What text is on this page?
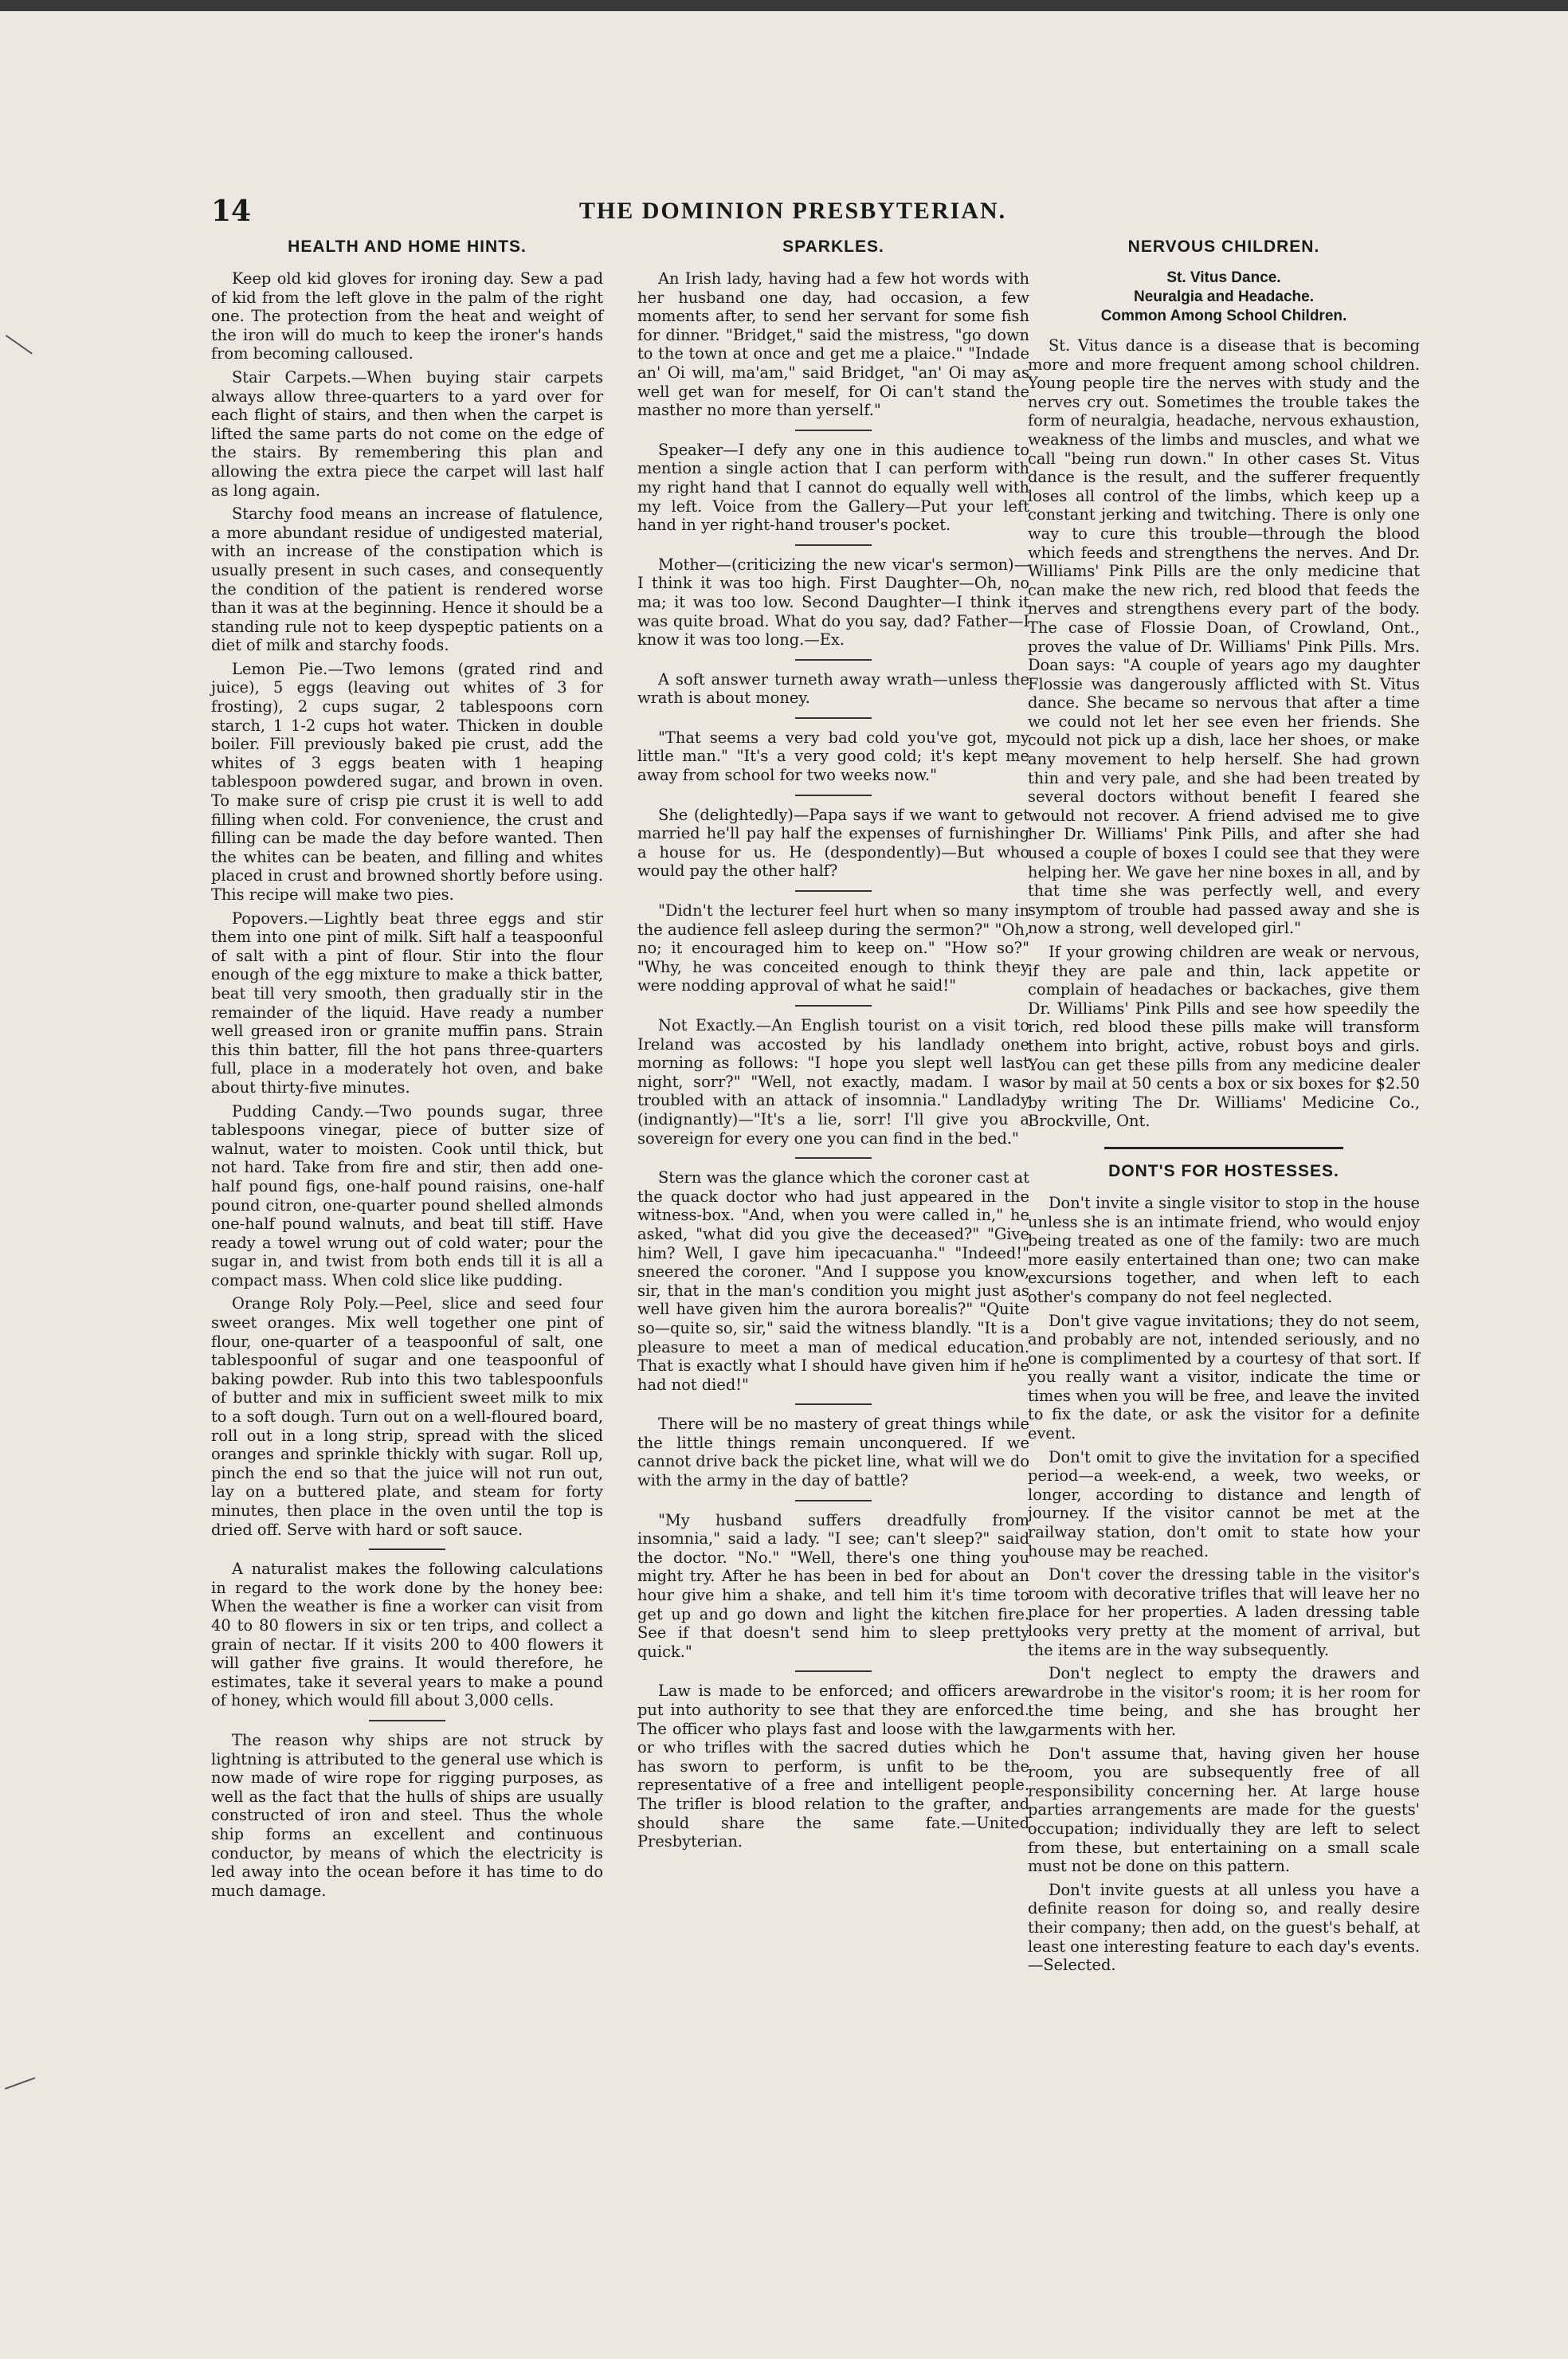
14	THE DOMINION PRESBYTERIAN.
HEALTH AND HOME HINTS.

Keep old kid gloves for ironing day. Sew a pad of kid from the left glove in the palm of the right one. The protection from the heat and weight of the iron will do much to keep the ironer's hands from becoming calloused.

Stair Carpets.—When buying stair carpets always allow three-quarters to a yard over for each flight of stairs, and then when the carpet is lifted the same parts do not come on the edge of the stairs. By remembering this plan and allowing the extra piece the carpet will last half as long again.

Starchy food means an increase of flatulence, a more abundant residue of undigested material, with an increase of the constipation which is usually present in such cases, and consequently the condition of the patient is rendered worse than it was at the beginning. Hence it should be a standing rule not to keep dyspeptic patients on a diet of milk and starchy foods.

Lemon Pie.—Two lemons (grated rind and juice), 5 eggs (leaving out whites of 3 for frosting), 2 cups sugar, 2 tablespoons corn starch, 1 1-2 cups hot water. Thicken in double boiler. Fill previously baked pie crust, add the whites of 3 eggs beaten with 1 heaping tablespoon powdered sugar, and brown in oven. To make sure of crisp pie crust it is well to add filling when cold. For convenience, the crust and filling can be made the day before wanted. Then the whites can be beaten, and filling and whites placed in crust and browned shortly before using. This recipe will make two pies.

Popovers.—Lightly beat three eggs and stir them into one pint of milk. Sift half a teaspoonful of salt with a pint of flour. Stir into the flour enough of the egg mixture to make a thick batter, beat till very smooth, then gradually stir in the remainder of the liquid. Have ready a number well greased iron or granite muffin pans. Strain this thin batter, fill the hot pans three-quarters full, place in a moderately hot oven, and bake about thirty-five minutes.

Pudding Candy.—Two pounds sugar, three tablespoons vinegar, piece of butter size of walnut, water to moisten. Cook until thick, but not hard. Take from fire and stir, then add one-half pound figs, one-half pound raisins, one-half pound citron, one-quarter pound shelled almonds one-half pound walnuts, and beat till stiff. Have ready a towel wrung out of cold water; pour the sugar in, and twist from both ends till it is all a compact mass. When cold slice like pudding.

Orange Roly Poly.—Peel, slice and seed four sweet oranges. Mix well together one pint of flour, one-quarter of a teaspoonful of salt, one tablespoonful of sugar and one teaspoonful of baking powder. Rub into this two tablespoonfuls of butter and mix in sufficient sweet milk to mix to a soft dough. Turn out on a well-floured board, roll out in a long strip, spread with the sliced oranges and sprinkle thickly with sugar. Roll up, pinch the end so that the juice will not run out, lay on a buttered plate, and steam for forty minutes, then place in the oven until the top is dried off. Serve with hard or soft sauce.

A naturalist makes the following calculations in regard to the work done by the honey bee: When the weather is fine a worker can visit from 40 to 80 flowers in six or ten trips, and collect a grain of nectar. If it visits 200 to 400 flowers it will gather five grains. It would therefore, he estimates, take it several years to make a pound of honey, which would fill about 3,000 cells.

The reason why ships are not struck by lightning is attributed to the general use which is now made of wire rope for rigging purposes, as well as the fact that the hulls of ships are usually constructed of iron and steel. Thus the whole ship forms an excellent and continuous conductor, by means of which the electricity is led away into the ocean before it has time to do much damage.

SPARKLES.

An Irish lady, having had a few hot words with her husband one day, had occasion, a few moments after, to send her servant for some fish for dinner. "Bridget," said the mistress, "go down to the town at once and get me a plaice." "Indade an' Oi will, ma'am," said Bridget, "an' Oi may as well get wan for meself, for Oi can't stand the masther no more than yerself."

Speaker—I defy any one in this audience to mention a single action that I can perform with my right hand that I cannot do equally well with my left. Voice from the Gallery—Put your left hand in yer right-hand trouser's pocket.

Mother—(criticizing the new vicar's sermon)—I think it was too high. First Daughter—Oh, no ma; it was too low. Second Daughter—I think it was quite broad. What do you say, dad? Father—I know it was too long.—Ex.

A soft answer turneth away wrath—unless the wrath is about money.

"That seems a very bad cold you've got, my little man." "It's a very good cold; it's kept me away from school for two weeks now."

She (delightedly)—Papa says if we want to get married he'll pay half the expenses of furnishing a house for us. He (despondently)—But who would pay the other half?

"Didn't the lecturer feel hurt when so many in the audience fell asleep during the sermon?" "Oh, no; it encouraged him to keep on." "How so?" "Why, he was conceited enough to think they were nodding approval of what he said!"

Not Exactly.—An English tourist on a visit to Ireland was accosted by his landlady one morning as follows: "I hope you slept well last night, sorr?" "Well, not exactly, madam. I was troubled with an attack of insomnia." Landlady (indignantly)—"It's a lie, sorr! I'll give you a sovereign for every one you can find in the bed."

Stern was the glance which the coroner cast at the quack doctor who had just appeared in the witness-box. "And, when you were called in," he asked, "what did you give the deceased?" "Give him? Well, I gave him ipecacuanha." "Indeed!" sneered the coroner. "And I suppose you know, sir, that in the man's condition you might just as well have given him the aurora borealis?" "Quite so—quite so, sir," said the witness blandly. "It is a pleasure to meet a man of medical education. That is exactly what I should have given him if he had not died!"

There will be no mastery of great things while the little things remain unconquered. If we cannot drive back the picket line, what will we do with the army in the day of battle?

"My husband suffers dreadfully from insomnia," said a lady. "I see; can't sleep?" said the doctor. "No." "Well, there's one thing you might try. After he has been in bed for about an hour give him a shake, and tell him it's time to get up and go down and light the kitchen fire. See if that doesn't send him to sleep pretty quick."

Law is made to be enforced; and officers are put into authority to see that they are enforced. The officer who plays fast and loose with the law, or who trifles with the sacred duties which he has sworn to perform, is unfit to be the representative of a free and intelligent people. The trifler is blood relation to the grafter, and should share the same fate.—United Presbyterian.

NERVOUS CHILDREN.
St. Vitus Dance.
Neuralgia and Headache.
Common Among School Children.

St. Vitus dance is a disease that is becoming more and more frequent among school children. Young people tire the nerves with study and the nerves cry out. Sometimes the trouble takes the form of neuralgia, headache, nervous exhaustion, weakness of the limbs and muscles, and what we call "being run down." In other cases St. Vitus dance is the result, and the sufferer frequently loses all control of the limbs, which keep up a constant jerking and twitching. There is only one way to cure this trouble—through the blood which feeds and strengthens the nerves. And Dr. Williams' Pink Pills are the only medicine that can make the new rich, red blood that feeds the nerves and strengthens every part of the body. The case of Flossie Doan, of Crowland, Ont., proves the value of Dr. Williams' Pink Pills. Mrs. Doan says: "A couple of years ago my daughter Flossie was dangerously afflicted with St. Vitus dance. She became so nervous that after a time we could not let her see even her friends. She could not pick up a dish, lace her shoes, or make any movement to help herself. She had grown thin and very pale, and she had been treated by several doctors without benefit I feared she would not recover. A friend advised me to give her Dr. Williams' Pink Pills, and after she had used a couple of boxes I could see that they were helping her. We gave her nine boxes in all, and by that time she was perfectly well, and every symptom of trouble had passed away and she is now a strong, well developed girl."

If your growing children are weak or nervous, if they are pale and thin, lack appetite or complain of headaches or backaches, give them Dr. Williams' Pink Pills and see how speedily the rich, red blood these pills make will transform them into bright, active, robust boys and girls. You can get these pills from any medicine dealer or by mail at 50 cents a box or six boxes for $2.50 by writing The Dr. Williams' Medicine Co., Brockville, Ont.

DONT'S FOR HOSTESSES.

Don't invite a single visitor to stop in the house unless she is an intimate friend, who would enjoy being treated as one of the family: two are much more easily entertained than one; two can make excursions together, and when left to each other's company do not feel neglected.

Don't give vague invitations; they do not seem, and probably are not, intended seriously, and no one is complimented by a courtesy of that sort. If you really want a visitor, indicate the time or times when you will be free, and leave the invited to fix the date, or ask the visitor for a definite event.

Don't omit to give the invitation for a specified period—a week-end, a week, two weeks, or longer, according to distance and length of journey. If the visitor cannot be met at the railway station, don't omit to state how your house may be reached.

Don't cover the dressing table in the visitor's room with decorative trifles that will leave her no place for her properties. A laden dressing table looks very pretty at the moment of arrival, but the items are in the way subsequently.

Don't neglect to empty the drawers and wardrobe in the visitor's room; it is her room for the time being, and she has brought her garments with her.

Don't assume that, having given her house room, you are subsequently free of all responsibility concerning her. At large house parties arrangements are made for the guests' occupation; individually they are left to select from these, but entertaining on a small scale must not be done on this pattern.

Don't invite guests at all unless you have a definite reason for doing so, and really desire their company; then add, on the guest's behalf, at least one interesting feature to each day's events.—Selected.
